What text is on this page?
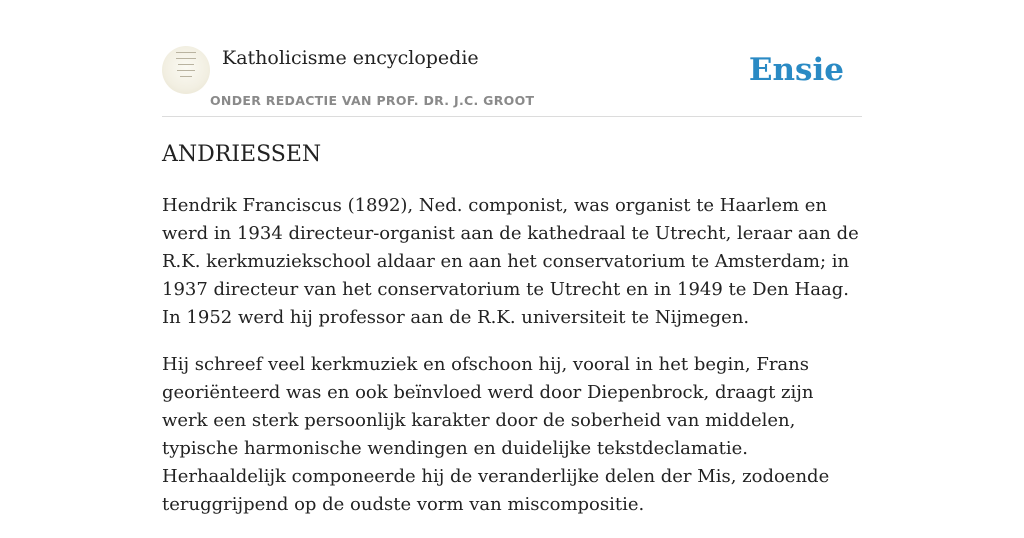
Katholicisme encyclopedie
ONDER REDACTIE VAN PROF. DR. J.C. GROOT
Ensie
ANDRIESSEN

Hendrik Franciscus (1892), Ned. componist, was organist te Haarlem en werd in 1934 directeur-organist aan de kathedraal te Utrecht, leraar aan de R.K. kerkmuziekschool aldaar en aan het conservatorium te Amsterdam; in 1937 directeur van het conservatorium te Utrecht en in 1949 te Den Haag. In 1952 werd hij professor aan de R.K. universiteit te Nijmegen.

Hij schreef veel kerkmuziek en ofschoon hij, vooral in het begin, Frans georiënteerd was en ook beïnvloed werd door Diepenbrock, draagt zijn werk een sterk persoonlijk karakter door de soberheid van middelen, typische harmonische wendingen en duidelijke tekstdeclamatie. Herhaaldelijk componeerde hij de veranderlijke delen der Mis, zodoende teruggrijpend op de oudste vorm van miscompositie.
